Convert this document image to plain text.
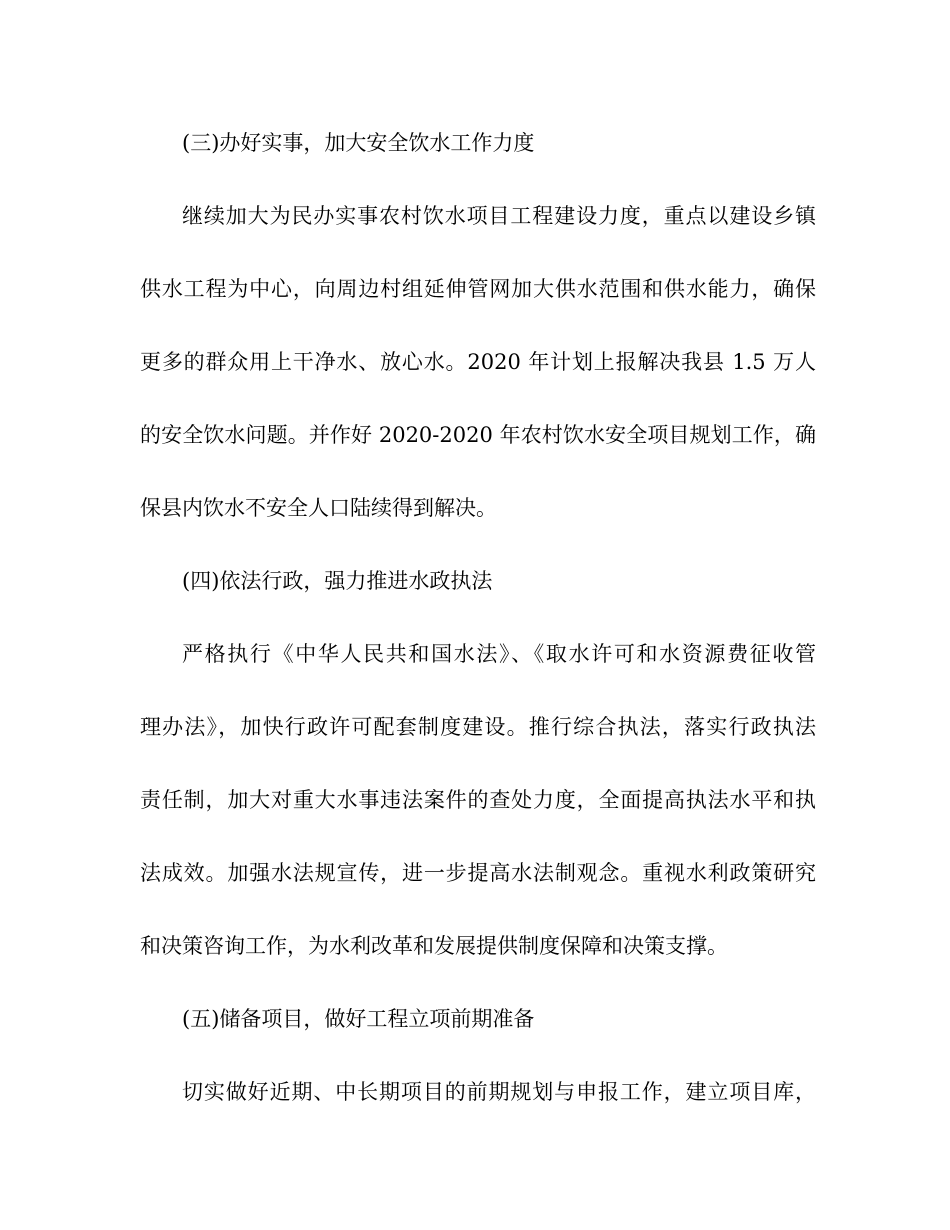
(三)办好实事，加大安全饮水工作力度
继续加大为民办实事农村饮水项目工程建设力度，重点以建设乡镇
供水工程为中心，向周边村组延伸管网加大供水范围和供水能力，确保
更多的群众用上干净水、放心水。2020 年计划上报解决我县 1.5 万人
的安全饮水问题。并作好 2020-2020 年农村饮水安全项目规划工作，确
保县内饮水不安全人口陆续得到解决。
(四)依法行政，强力推进水政执法
严格执行《中华人民共和国水法》、《取水许可和水资源费征收管
理办法》，加快行政许可配套制度建设。推行综合执法，落实行政执法
责任制，加大对重大水事违法案件的查处力度，全面提高执法水平和执
法成效。加强水法规宣传，进一步提高水法制观念。重视水利政策研究
和决策咨询工作，为水利改革和发展提供制度保障和决策支撑。
(五)储备项目，做好工程立项前期准备
切实做好近期、中长期项目的前期规划与申报工作，建立项目库，
